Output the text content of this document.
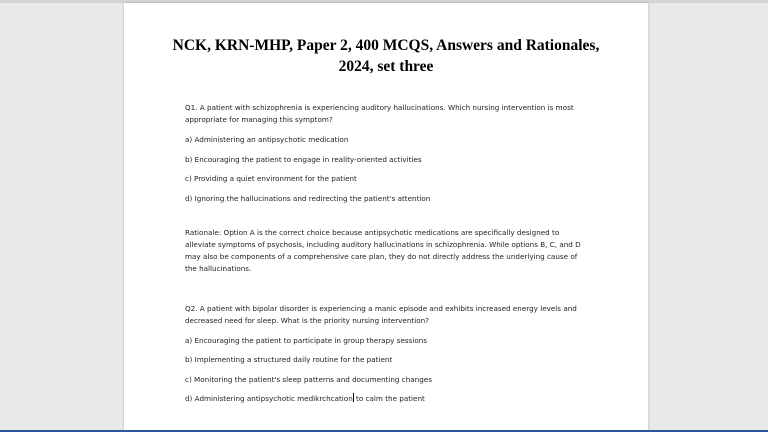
NCK, KRN-MHP, Paper 2, 400 MCQS, Answers and Rationales, 2024, set three

Q1. A patient with schizophrenia is experiencing auditory hallucinations. Which nursing intervention is most appropriate for managing this symptom?

a) Administering an antipsychotic medication

b) Encouraging the patient to engage in reality-oriented activities

c) Providing a quiet environment for the patient

d) Ignoring the hallucinations and redirecting the patient's attention

Rationale: Option A is the correct choice because antipsychotic medications are specifically designed to alleviate symptoms of psychosis, including auditory hallucinations in schizophrenia. While options B, C, and D may also be components of a comprehensive care plan, they do not directly address the underlying cause of the hallucinations.

Q2. A patient with bipolar disorder is experiencing a manic episode and exhibits increased energy levels and decreased need for sleep. What is the priority nursing intervention?

a) Encouraging the patient to participate in group therapy sessions

b) Implementing a structured daily routine for the patient

c) Monitoring the patient's sleep patterns and documenting changes

d) Administering antipsychotic medikrchcation to calm the patient
